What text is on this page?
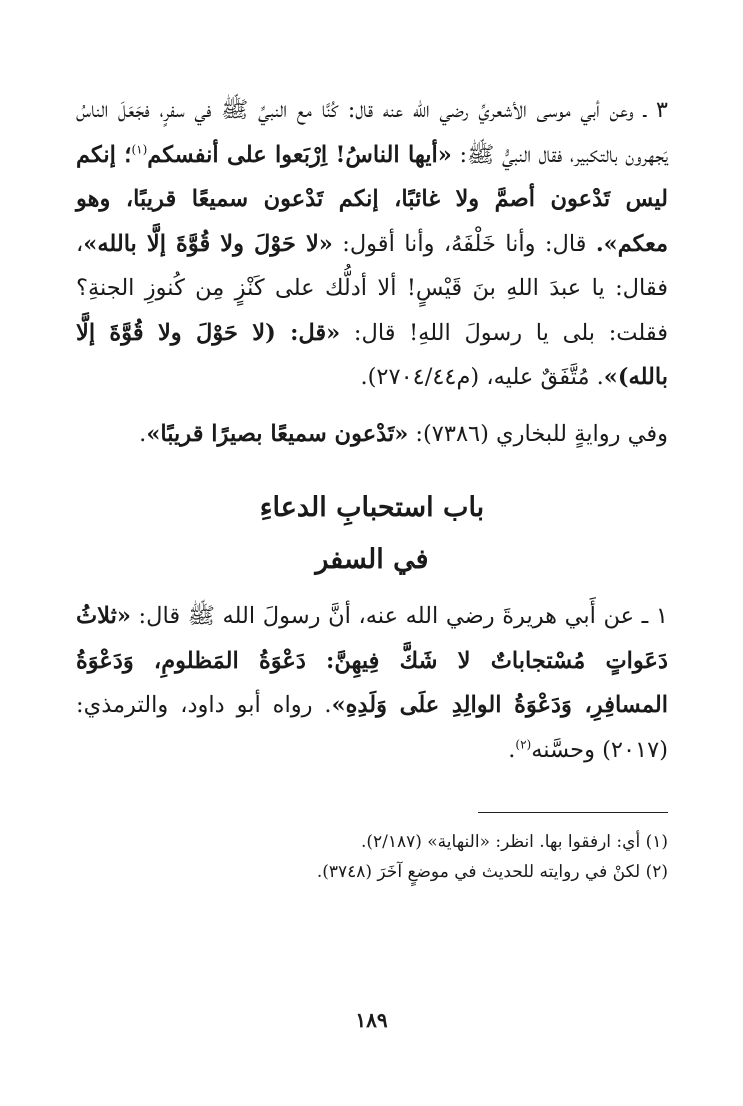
٣ ـ وعن أبي موسى الأشعريِّ رضي الله عنه قال: كُنَّا مع النبيِّ ﷺ في سفرٍ، فجَعَلَ الناسُ يَجهرون بالتكبير، فقال النبيُّ ﷺ: «أيها الناسُ! اِرْبَعوا على أنفسكم$^{(١)}$؛ إنكم ليس تَدْعون أصمَّ ولا غائبًا، إنكم تَدْعون سميعًا قريبًا، وهو معكم». قال: وأنا خَلْفَهُ، وأنا أقول: «لا حَوْلَ ولا قُوَّةَ إلَّا بالله»، فقال: يا عبدَ اللهِ بنَ قَيْسٍ! ألا أدلُّك على كَنْزٍ مِن كُنوزِ الجنةِ؟ فقلت: بلى يا رسولَ اللهِ! قال: «قل: (لا حَوْلَ ولا قُوَّةَ إلَّا بالله)». مُتَّفَقٌ عليه، (م٢٧٠٤/٤٤).

وفي روايةٍ للبخاري (٧٣٨٦): «تَدْعون سميعًا بصيرًا قريبًا».

باب استحبابِ الدعاءِ

في السفر

١ ـ عن أَبي هريرةَ رضي الله عنه، أنَّ رسولَ الله ﷺ قال: «ثلاثُ دَعَواتٍ مُسْتجاباتٌ لا شَكَّ فِيهِنَّ: دَعْوَةُ المَظلومِ، وَدَعْوَةُ المسافِرِ، وَدَعْوَةُ الوالِدِ علَى وَلَدِهِ». رواه أبو داود، والترمذي: (٢٠١٧) وحسَّنه$^{(٢)}$.

(١) أي: ارفقوا بها. انظر: «النهاية» (٢/١٨٧).

(٢) لكنْ في روايته للحديث في موضعٍ آخَرَ (٣٧٤٨).

١٨٩
